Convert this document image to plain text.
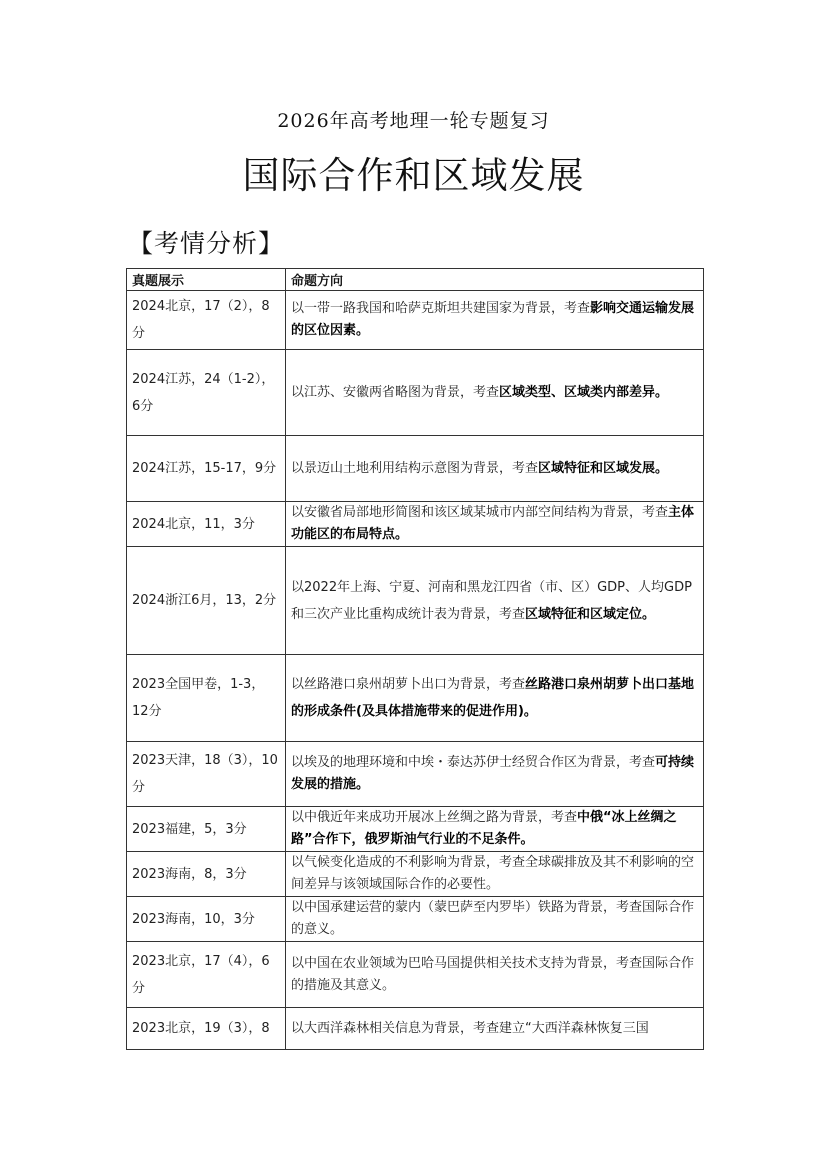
2026年高考地理一轮专题复习
国际合作和区域发展
【考情分析】
真题展示	命题方向
2024北京，17（2），8分	以一带一路我国和哈萨克斯坦共建国家为背景，考查影响交通运输发展的区位因素。
2024江苏，24（1-2），6分	以江苏、安徽两省略图为背景，考查区域类型、区域类内部差异。
2024江苏，15-17，9分	以景迈山土地利用结构示意图为背景，考查区域特征和区域发展。
2024北京，11，3分	以安徽省局部地形简图和该区域某城市内部空间结构为背景，考查主体功能区的布局特点。
2024浙江6月，13，2分	以2022年上海、宁夏、河南和黑龙江四省（市、区）GDP、人均GDP和三次产业比重构成统计表为背景，考查区域特征和区域定位。
2023全国甲卷，1-3，12分	以丝路港口泉州胡萝卜出口为背景，考查丝路港口泉州胡萝卜出口基地的形成条件(及具体措施带来的促进作用)。
2023天津，18（3），10分	以埃及的地理环境和中埃・泰达苏伊士经贸合作区为背景，考查可持续发展的措施。
2023福建，5，3分	以中俄近年来成功开展冰上丝绸之路为背景，考查中俄“冰上丝绸之路”合作下，俄罗斯油气行业的不足条件。
2023海南，8，3分	以气候变化造成的不利影响为背景，考查全球碳排放及其不利影响的空间差异与该领域国际合作的必要性。
2023海南，10，3分	以中国承建运营的蒙内（蒙巴萨至内罗毕）铁路为背景，考查国际合作的意义。
2023北京，17（4），6分	以中国在农业领域为巴哈马国提供相关技术支持为背景，考查国际合作的措施及其意义。
2023北京，19（3），8	以大西洋森林相关信息为背景，考查建立“大西洋森林恢复三国
